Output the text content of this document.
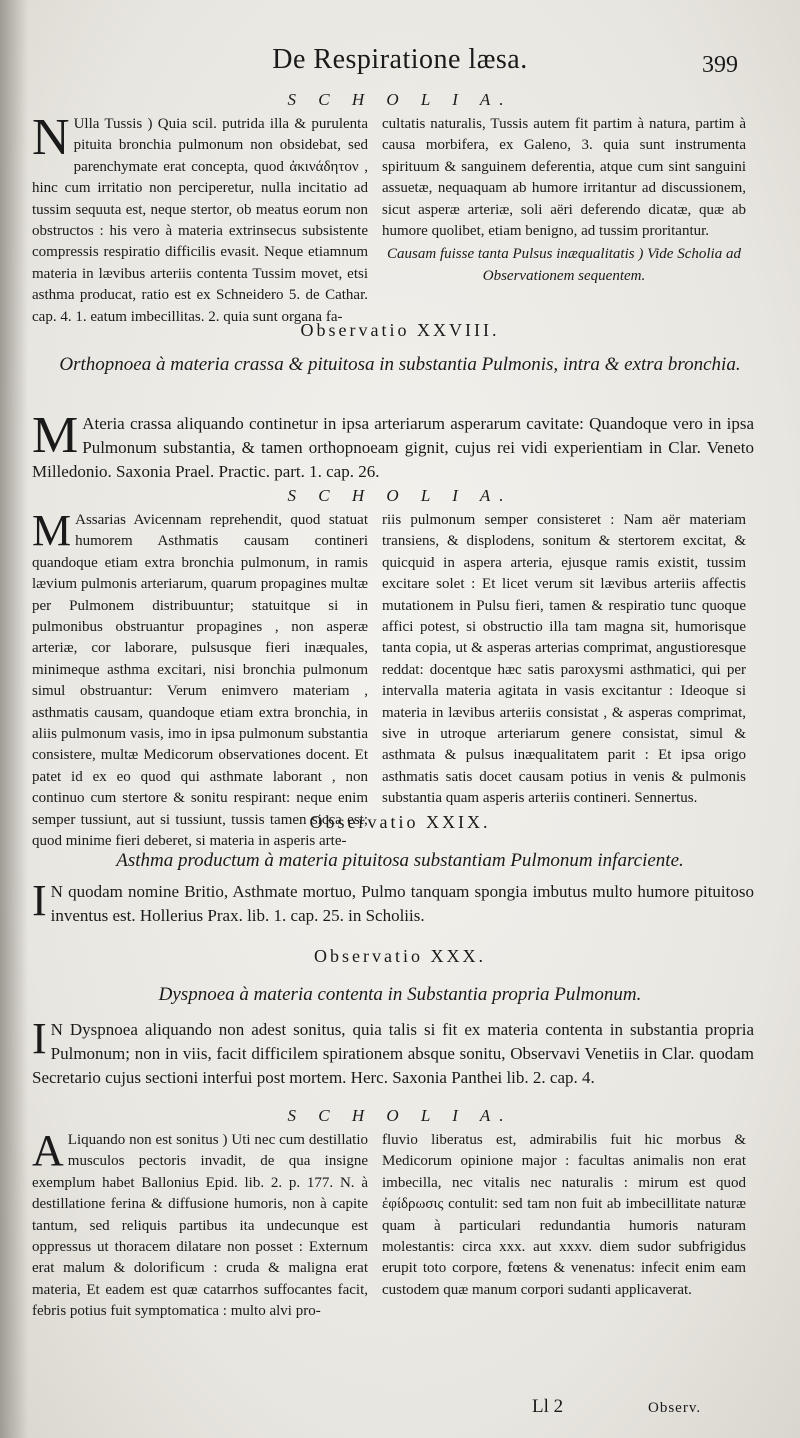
De Respiratione læsa.	399
S C H O L I A.
N Ulla Tussis ) Quia scil. putrida illa & purulenta pituita bronchia pulmonum non obsidebat, sed parenchymate erat concepta, quod ἀκινάδητον , hinc cum irritatio non perciperetur, nulla incitatio ad tussim sequuta est, neque stertor, ob meatus eorum non obstructos : his vero à materia extrinsecus subsistente compressis respiratio difficilis evasit. Neque etiamnum materia in lævibus arteriis contenta Tussim movet, etsi asthma producat, ratio est ex Schneidero 5. de Cathar. cap. 4. 1. eatum imbecillitas. 2. quia sunt organa fa-
cultatis naturalis, Tussis autem fit partim à natura, partim à causa morbifera, ex Galeno, 3. quia sunt instrumenta spirituum & sanguinem deferentia, atque cum sint sanguini assuetæ, nequaquam ab humore irritantur ad discussionem, sicut asperæ arteriæ, soli aëri deferendo dicatæ, quæ ab humore quolibet, etiam benigno, ad tussim proritantur.
Causam fuisse tanta Pulsus inæqualitatis ) Vide Scholia ad Observationem sequentem.
Observatio XXVIII.
Orthopnoea à materia crassa & pituitosa in substantia Pulmonis, intra & extra bronchia.
M Ateria crassa aliquando continetur in ipsa arteriarum asperarum cavitate: Quandoque vero in ipsa Pulmonum substantia, & tamen orthopnoeam gignit, cujus rei vidi experientiam in Clar. Veneto Milledonio. Saxonia Prael. Practic. part. 1. cap. 26.
S C H O L I A.
M Assarias Avicennam reprehendit, quod statuat humorem Asthmatis causam contineri quandoque etiam extra bronchia pulmonum, in ramis lævium pulmonis arteriarum, quarum propagines multæ per Pulmonem distribuuntur; statuitque si in pulmonibus obstruantur propagines , non asperæ arteriæ, cor laborare, pulsusque fieri inæquales, minimeque asthma excitari, nisi bronchia pulmonum simul obstruantur: Verum enimvero materiam , asthmatis causam, quandoque etiam extra bronchia, in aliis pulmonum vasis, imo in ipsa pulmonum substantia consistere, multæ Medicorum observationes docent. Et patet id ex eo quod qui asthmate laborant , non continuo cum stertore & sonitu respirant: neque enim semper tussiunt, aut si tussiunt, tussis tamen sicca est; quod minime fieri deberet, si materia in asperis arte-
riis pulmonum semper consisteret : Nam aër materiam transiens, & displodens, sonitum & stertorem excitat, & quicquid in aspera arteria, ejusque ramis existit, tussim excitare solet : Et licet verum sit lævibus arteriis affectis mutationem in Pulsu fieri, tamen & respiratio tunc quoque affici potest, si obstructio illa tam magna sit, humorisque tanta copia, ut & asperas arterias comprimat, angustioresque reddat: docentque hæc satis paroxysmi asthmatici, qui per intervalla materia agitata in vasis excitantur : Ideoque si materia in lævibus arteriis consistat , & asperas comprimat, sive in utroque arteriarum genere consistat, simul & asthmata & pulsus inæqualitatem parit : Et ipsa origo asthmatis satis docet causam potius in venis & pulmonis substantia quam asperis arteriis contineri. Sennertus.
Observatio XXIX.
Asthma productum à materia pituitosa substantiam Pulmonum infarciente.
I N quodam nomine Britio, Asthmate mortuo, Pulmo tanquam spongia imbutus multo humore pituitoso inventus est. Hollerius Prax. lib. 1. cap. 25. in Scholiis.
Observatio XXX.
Dyspnoea à materia contenta in Substantia propria Pulmonum.
I N Dyspnoea aliquando non adest sonitus, quia talis si fit ex materia contenta in substantia propria Pulmonum; non in viis, facit difficilem spirationem absque sonitu, Observavi Venetiis in Clar. quodam Secretario cujus sectioni interfui post mortem. Herc. Saxonia Panthei lib. 2. cap. 4.
S C H O L I A.
A Liquando non est sonitus ) Uti nec cum destillatio musculos pectoris invadit, de qua insigne exemplum habet Ballonius Epid. lib. 2. p. 177. N. à destillatione ferina & diffusione humoris, non à capite tantum, sed reliquis partibus ita undecunque est oppressus ut thoracem dilatare non posset : Externum erat malum & dolorificum : cruda & maligna erat materia, Et eadem est quæ catarrhos suffocantes facit, febris potius fuit symptomatica : multo alvi pro-
fluvio liberatus est, admirabilis fuit hic morbus & Medicorum opinione major : facultas animalis non erat imbecilla, nec vitalis nec naturalis : mirum est quod ἐφίδρωσις contulit: sed tam non fuit ab imbecillitate naturæ quam à particulari redundantia humoris naturam molestantis: circa xxx. aut xxxv. diem sudor subfrigidus erupit toto corpore, fœtens & venenatus: infecit enim eam custodem quæ manum corpori sudanti applicaverat.
Ll 2	Observ.
